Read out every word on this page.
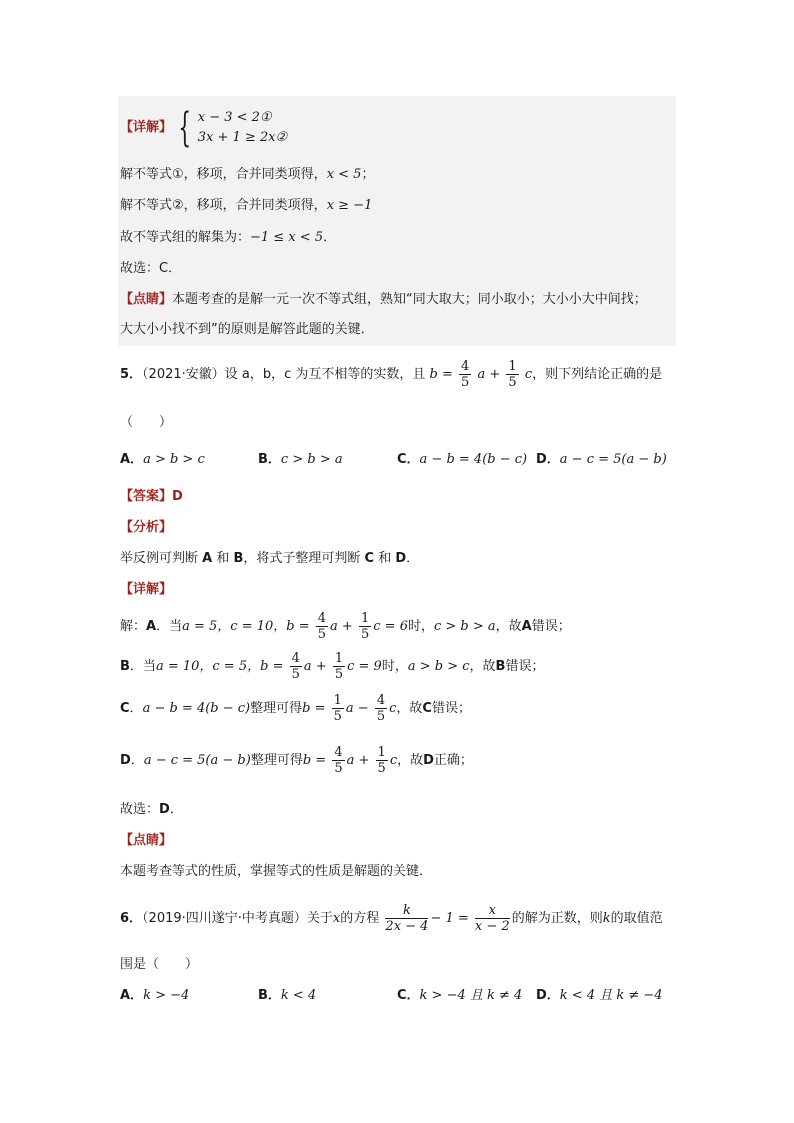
【详解】 { x − 3 < 2①
3x + 1 ≥ 2x②
解不等式①，移项，合并同类项得，x < 5；
解不等式②，移项，合并同类项得，x ≥ −1
故不等式组的解集为：−1 ≤ x < 5．
故选：C．
【点睛】本题考查的是解一元一次不等式组，熟知“同大取大；同小取小；大小小大中间找；
大大小小找不到”的原则是解答此题的关键．
5．（2021·安徽）设 a，b，c 为互不相等的实数，且 $b = \frac{4}{5}$ $a + \frac{1}{5}$ c，则下列结论正确的是
（　　）
A．a > b > c	B．c > b > a	C．a − b = 4(b − c) D．a − c = 5(a − b)
【答案】D
【分析】
举反例可判断 A 和 B，将式子整理可判断 C 和 D．
【详解】
解：A．当a = 5，c = 10，$b = \frac{4}{5}$ $a + \frac{1}{5}$ c = 6时，c > b > a，故A错误；
B．当a = 10，c = 5，$b = \frac{4}{5}$ $a + \frac{1}{5}$ c = 9时，a > b > c，故B错误；
C．a − b = 4(b − c)整理可得$b = \frac{1}{5}$ $a - \frac{4}{5}$ c，故C错误；
D．a − c = 5(a − b)整理可得$b = \frac{4}{5}$ $a + \frac{1}{5}$ c，故D正确；
故选：D．
【点睛】
本题考查等式的性质，掌握等式的性质是解题的关键．
6．（2019·四川遂宁·中考真题）关于x的方程 $\frac{k}{2x - 4} - 1 = \frac{x}{x - 2}$ 的解为正数，则k的取值范
围是（　　）
A．k > −4	B．k < 4	C．k > −4 且 k ≠ 4 D．k < 4 且 k ≠ −4
